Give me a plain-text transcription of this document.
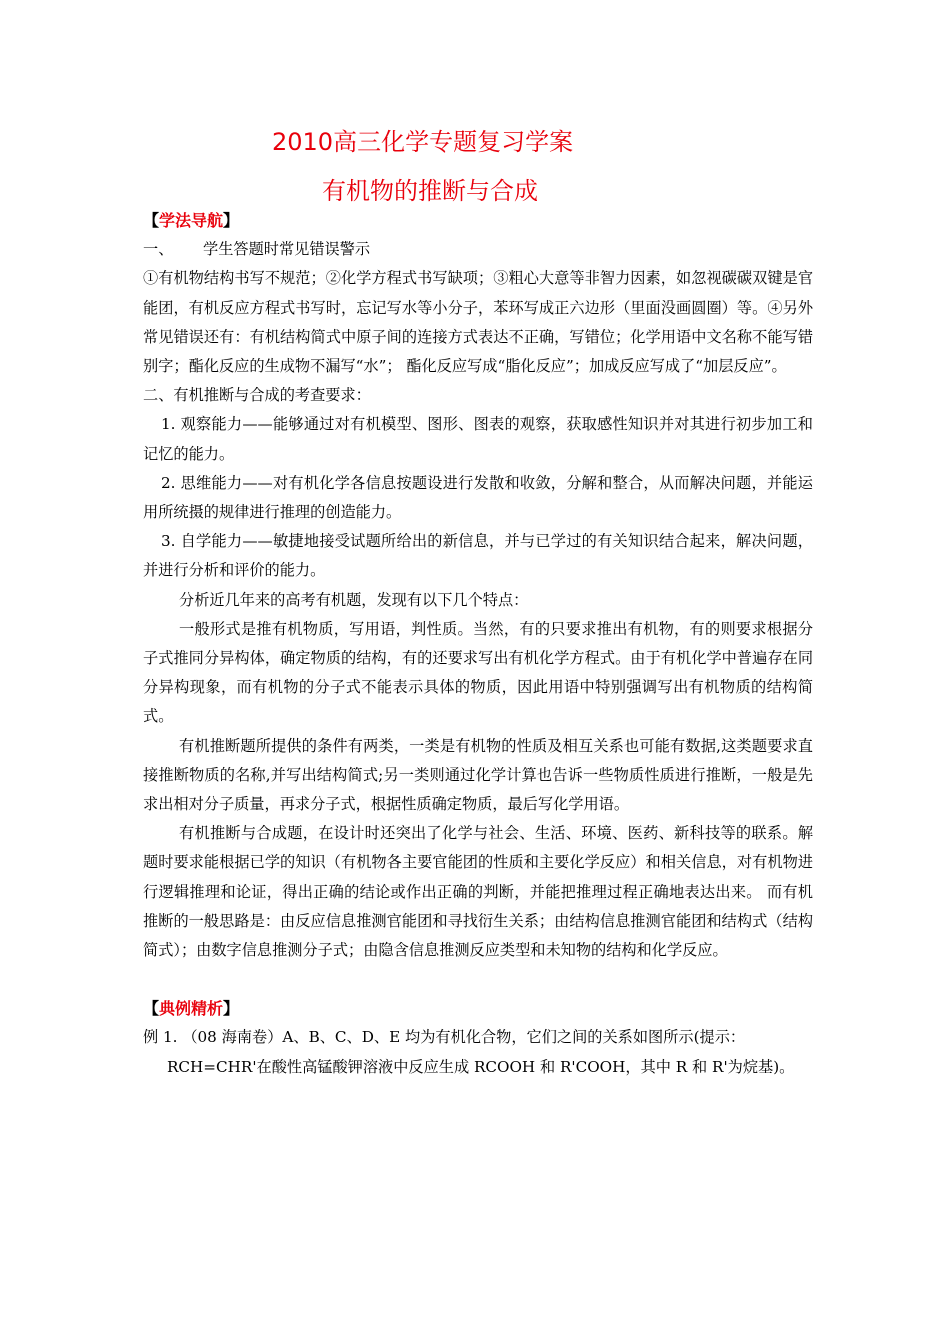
2010高三化学专题复习学案
有机物的推断与合成

【学法导航】

一、 学生答题时常见错误警示

①有机物结构书写不规范；②化学方程式书写缺项；③粗心大意等非智力因素，如忽视碳碳双键是官能团，有机反应方程式书写时，忘记写水等小分子，苯环写成正六边形（里面没画圆圈）等。④另外常见错误还有：有机结构简式中原子间的连接方式表达不正确，写错位；化学用语中文名称不能写错别字；酯化反应的生成物不漏写“水”； 酯化反应写成“脂化反应”；加成反应写成了“加层反应”。

二、有机推断与合成的考查要求：

1. 观察能力——能够通过对有机模型、图形、图表的观察，获取感性知识并对其进行初步加工和记忆的能力。

2. 思维能力——对有机化学各信息按题设进行发散和收敛，分解和整合，从而解决问题，并能运用所统摄的规律进行推理的创造能力。

3. 自学能力——敏捷地接受试题所给出的新信息，并与已学过的有关知识结合起来，解决问题，并进行分析和评价的能力。

分析近几年来的高考有机题，发现有以下几个特点：

一般形式是推有机物质，写用语，判性质。当然，有的只要求推出有机物，有的则要求根据分子式推同分异构体，确定物质的结构，有的还要求写出有机化学方程式。由于有机化学中普遍存在同分异构现象，而有机物的分子式不能表示具体的物质，因此用语中特别强调写出有机物质的结构简式。

有机推断题所提供的条件有两类，一类是有机物的性质及相互关系也可能有数据,这类题要求直接推断物质的名称,并写出结构简式;另一类则通过化学计算也告诉一些物质性质进行推断，一般是先求出相对分子质量，再求分子式，根据性质确定物质，最后写化学用语。

有机推断与合成题，在设计时还突出了化学与社会、生活、环境、医药、新科技等的联系。解题时要求能根据已学的知识（有机物各主要官能团的性质和主要化学反应）和相关信息，对有机物进行逻辑推理和论证，得出正确的结论或作出正确的判断，并能把推理过程正确地表达出来。 而有机推断的一般思路是：由反应信息推测官能团和寻找衍生关系；由结构信息推测官能团和结构式（结构简式）；由数字信息推测分子式；由隐含信息推测反应类型和未知物的结构和化学反应。

【典例精析】

例 1. （08 海南卷）A、B、C、D、E 均为有机化合物，它们之间的关系如图所示(提示：

RCH=CHR'在酸性高锰酸钾溶液中反应生成 RCOOH 和 R'COOH，其中 R 和 R'为烷基)。
